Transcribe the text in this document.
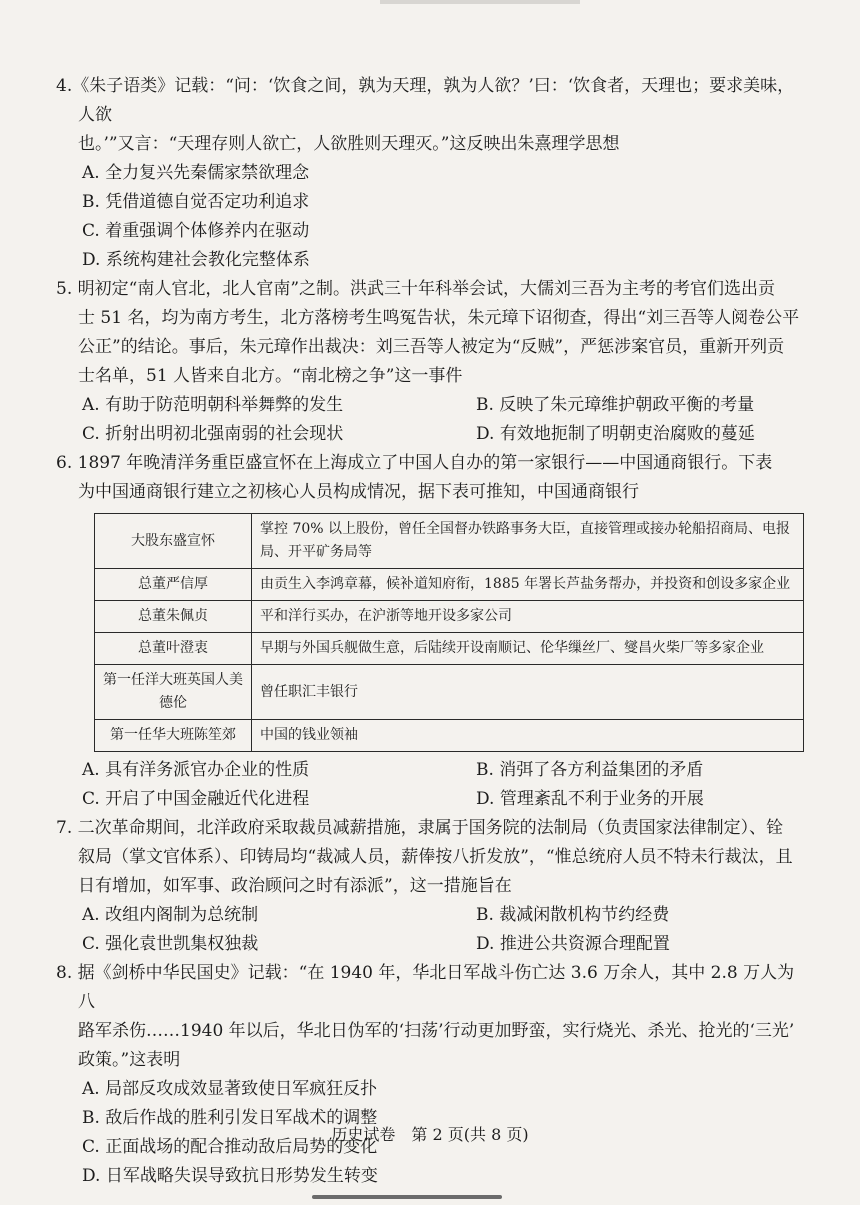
4.《朱子语类》记载：“问：‘饮食之间，孰为天理，孰为人欲？’曰：‘饮食者，天理也；要求美味，人欲
也。’”又言：“天理存则人欲亡，人欲胜则天理灭。”这反映出朱熹理学思想

A. 全力复兴先秦儒家禁欲理念

B. 凭借道德自觉否定功利追求

C. 着重强调个体修养内在驱动

D. 系统构建社会教化完整体系

5. 明初定“南人官北，北人官南”之制。洪武三十年科举会试，大儒刘三吾为主考的考官们选出贡
士 51 名，均为南方考生，北方落榜考生鸣冤告状，朱元璋下诏彻查，得出“刘三吾等人阅卷公平
公正”的结论。事后，朱元璋作出裁决：刘三吾等人被定为“反贼”，严惩涉案官员，重新开列贡
士名单，51 人皆来自北方。“南北榜之争”这一事件

A. 有助于防范明朝科举舞弊的发生	B. 反映了朱元璋维护朝政平衡的考量

C. 折射出明初北强南弱的社会现状	D. 有效地扼制了明朝吏治腐败的蔓延

6. 1897 年晚清洋务重臣盛宣怀在上海成立了中国人自办的第一家银行——中国通商银行。下表
为中国通商银行建立之初核心人员构成情况，据下表可推知，中国通商银行

大股东盛宣怀	掌控 70% 以上股份，曾任全国督办铁路事务大臣，直接管理或接办轮船招商局、电报局、开平矿务局等
总董严信厚	由贡生入李鸿章幕，候补道知府衔，1885 年署长芦盐务帮办，并投资和创设多家企业
总董朱佩贞	平和洋行买办，在沪浙等地开设多家公司
总董叶澄衷	早期与外国兵舰做生意，后陆续开设南顺记、伦华缫丝厂、燮昌火柴厂等多家企业
第一任洋大班英国人美德伦	曾任职汇丰银行
第一任华大班陈笙郊	中国的钱业领袖

A. 具有洋务派官办企业的性质	B. 消弭了各方利益集团的矛盾

C. 开启了中国金融近代化进程	D. 管理紊乱不利于业务的开展

7. 二次革命期间，北洋政府采取裁员减薪措施，隶属于国务院的法制局（负责国家法律制定）、铨
叙局（掌文官体系）、印铸局均“裁减人员，薪俸按八折发放”，“惟总统府人员不特未行裁汰，且
日有增加，如军事、政治顾问之时有添派”，这一措施旨在

A. 改组内阁制为总统制	B. 裁减闲散机构节约经费

C. 强化袁世凯集权独裁	D. 推进公共资源合理配置

8. 据《剑桥中华民国史》记载：“在 1940 年，华北日军战斗伤亡达 3.6 万余人，其中 2.8 万人为八
路军杀伤……1940 年以后，华北日伪军的‘扫荡’行动更加野蛮，实行烧光、杀光、抢光的‘三光’
政策。”这表明

A. 局部反攻成效显著致使日军疯狂反扑

B. 敌后作战的胜利引发日军战术的调整

C. 正面战场的配合推动敌后局势的变化

D. 日军战略失误导致抗日形势发生转变

历史试卷　第 2 页(共 8 页)
